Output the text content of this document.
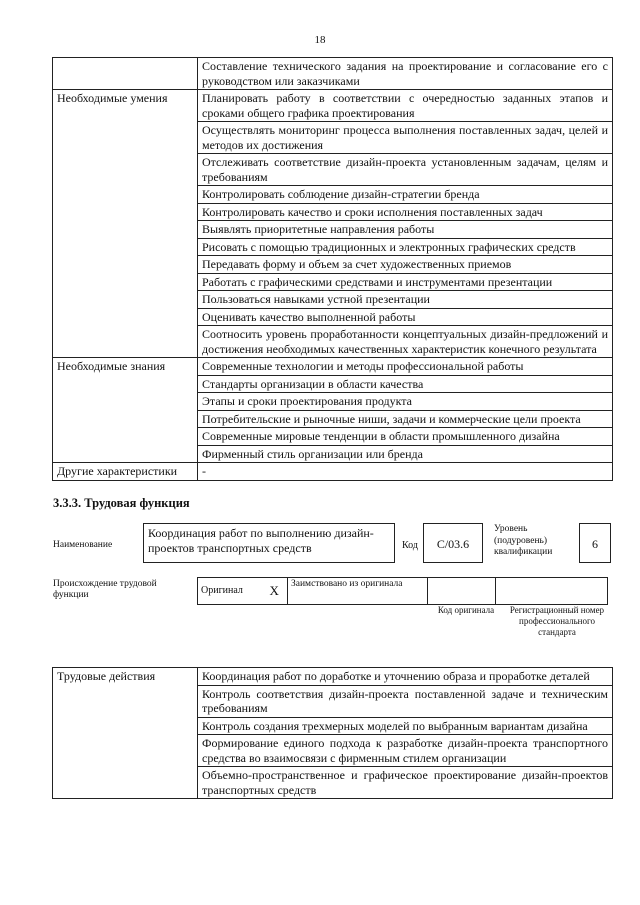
18
	Составление технического задания на проектирование и согласование его с руководством или заказчиками
Необходимые умения	Планировать работу в соответствии с очередностью заданных этапов и сроками общего графика проектирования
	Осуществлять мониторинг процесса выполнения поставленных задач, целей и методов их достижения
	Отслеживать соответствие дизайн-проекта установленным задачам, целям и требованиям
	Контролировать соблюдение дизайн-стратегии бренда
	Контролировать качество и сроки исполнения поставленных задач
	Выявлять приоритетные направления работы
	Рисовать с помощью традиционных и электронных графических средств
	Передавать форму и объем за счет художественных приемов
	Работать с графическими средствами и инструментами презентации
	Пользоваться навыками устной презентации
	Оценивать качество выполненной работы
	Соотносить уровень проработанности концептуальных дизайн-предложений и достижения необходимых качественных характеристик конечного результата
Необходимые знания	Современные технологии и методы профессиональной работы
	Стандарты организации в области качества
	Этапы и сроки проектирования продукта
	Потребительские и рыночные ниши, задачи и коммерческие цели проекта
	Современные мировые тенденции в области промышленного дизайна
	Фирменный стиль организации или бренда
Другие характеристики	-
3.3.3. Трудовая функция
Наименование
Координация работ по выполнению дизайн-проектов транспортных средств	Код	C/03.6
Уровень (подуровень) квалификации
6
Происхождение трудовой функции	Оригинал	X	Заимствовано из оригинала		
Код оригинала	Регистрационный номер профессионального стандарта
Трудовые действия	Координация работ по доработке и уточнению образа и проработке деталей
Контроль соответствия дизайн-проекта поставленной задаче и техническим требованиям
Контроль создания трехмерных моделей по выбранным вариантам дизайна
Формирование единого подхода к разработке дизайн-проекта транспортного средства во взаимосвязи с фирменным стилем организации
Объемно-пространственное и графическое проектирование дизайн-проектов транспортных средств
